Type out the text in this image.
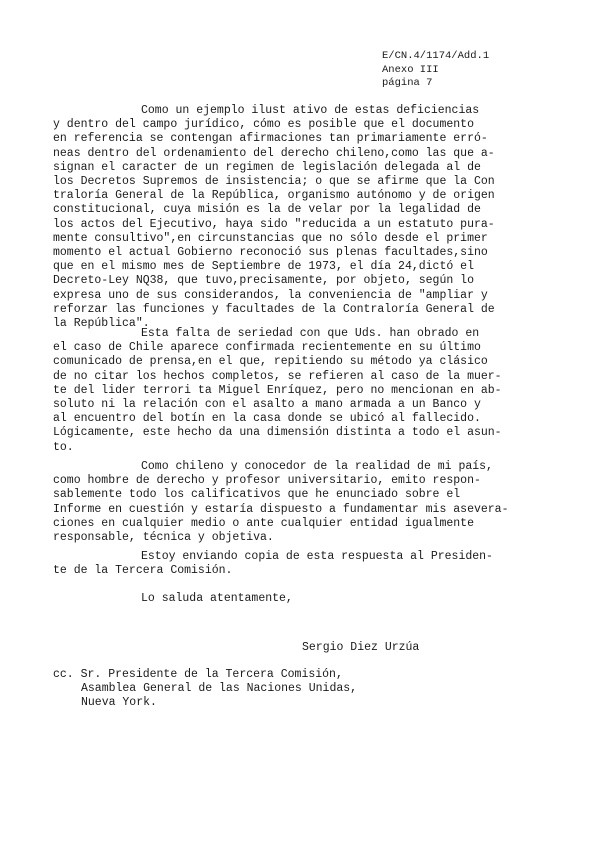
E/CN.4/1174/Add.1
Anexo III
página 7
Como un ejemplo ilust ativo de estas deficiencias
y dentro del campo jurídico, cómo es posible que el documento
en referencia se contengan afirmaciones tan primariamente erró-
neas dentro del ordenamiento del derecho chileno,como las que a-
signan el caracter de un regimen de legislación delegada al de
los Decretos Supremos de insistencia; o que se afirme que la Con
traloría General de la República, organismo autónomo y de origen
constitucional, cuya misión es la de velar por la legalidad de
los actos del Ejecutivo, haya sido "reducida a un estatuto pura-
mente consultivo",en circunstancias que no sólo desde el primer
momento el actual Gobierno reconoció sus plenas facultades,sino
que en el mismo mes de Septiembre de 1973, el día 24,dictó el
Decreto-Ley NQ38, que tuvo,precisamente, por objeto, según lo
expresa uno de sus considerandos, la conveniencia de "ampliar y
reforzar las funciones y facultades de la Contraloría General de
la República".
Esta falta de seriedad con que Uds. han obrado en
el caso de Chile aparece confirmada recientemente en su último
comunicado de prensa,en el que, repitiendo su método ya clásico
de no citar los hechos completos, se refieren al caso de la muer-
te del lider terrori ta Miguel Enríquez, pero no mencionan en ab-
soluto ni la relación con el asalto a mano armada a un Banco y
al encuentro del botín en la casa donde se ubicó al fallecido.
Lógicamente, este hecho da una dimensión distinta a todo el asun-
to.
Como chileno y conocedor de la realidad de mi país,
como hombre de derecho y profesor universitario, emito respon-
sablemente todo los calificativos que he enunciado sobre el
Informe en cuestión y estaría dispuesto a fundamentar mis asevera-
ciones en cualquier medio o ante cualquier entidad igualmente
responsable, técnica y objetiva.
Estoy enviando copia de esta respuesta al Presiden-
te de la Tercera Comisión.
Lo saluda atentamente,
Sergio Diez Urzúa
cc. Sr. Presidente de la Tercera Comisión,
Asamblea General de las Naciones Unidas,
Nueva York.
